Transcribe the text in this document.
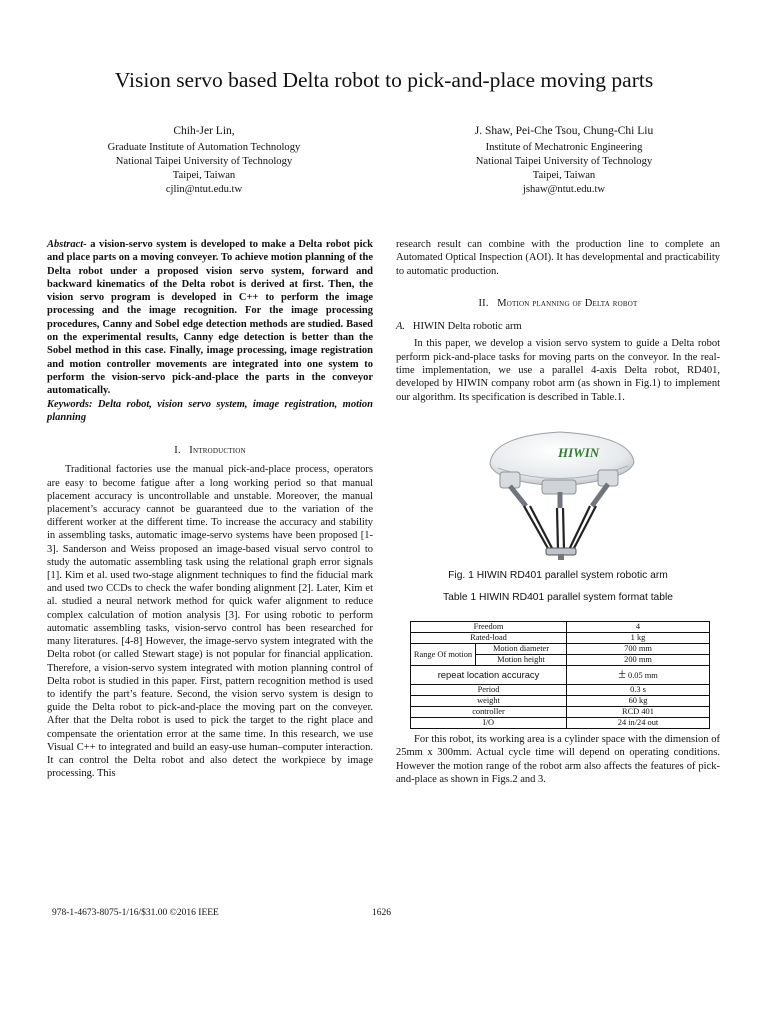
Vision servo based Delta robot to pick-and-place moving parts
Chih-Jer Lin,
Graduate Institute of Automation Technology
National Taipei University of Technology
Taipei, Taiwan
cjlin@ntut.edu.tw
J. Shaw, Pei-Che Tsou, Chung-Chi Liu
Institute of Mechatronic Engineering
National Taipei University of Technology
Taipei, Taiwan
jshaw@ntut.edu.tw
Abstract- a vision-servo system is developed to make a Delta robot pick and place parts on a moving conveyer. To achieve motion planning of the Delta robot under a proposed vision servo system, forward and backward kinematics of the Delta robot is derived at first. Then, the vision servo program is developed in C++ to perform the image processing and the image recognition. For the image processing procedures, Canny and Sobel edge detection methods are studied. Based on the experimental results, Canny edge detection is better than the Sobel method in this case. Finally, image processing, image registration and motion controller movements are integrated into one system to perform the vision-servo pick-and-place the parts in the conveyor automatically.
Keywords: Delta robot, vision servo system, image registration, motion planning
I. Introduction

Traditional factories use the manual pick-and-place process, operators are easy to become fatigue after a long working period so that manual placement accuracy is uncontrollable and unstable. Moreover, the manual placement’s accuracy cannot be guaranteed due to the variation of the different worker at the different time. To increase the accuracy and stability in assembling tasks, automatic image-servo systems have been proposed [1-3]. Sanderson and Weiss proposed an image-based visual servo control to study the automatic assembling task using the relational graph error signals [1]. Kim et al. used two-stage alignment techniques to find the fiducial mark and used two CCDs to check the wafer bonding alignment [2]. Later, Kim et al. studied a neural network method for quick wafer alignment to reduce complex calculation of motion analysis [3]. For using robotic to perform automatic assembling tasks, vision-servo control has been researched for many literatures. [4-8] However, the image-servo system integrated with the Delta robot (or called Stewart stage) is not popular for financial application. Therefore, a vision-servo system integrated with motion planning control of Delta robot is studied in this paper. First, pattern recognition method is used to identify the part’s feature. Second, the vision servo system is design to guide the Delta robot to pick-and-place the moving part on the conveyer. After that the Delta robot is used to pick the target to the right place and compensate the orientation error at the same time. In this research, we use Visual C++ to integrated and build an easy-use human–computer interaction. It can control the Delta robot and also detect the workpiece by image processing. This

research result can combine with the production line to complete an Automated Optical Inspection (AOI). It has developmental and practicability to automatic production.

II. Motion planning of Delta robot
A. HIWIN Delta robotic arm

In this paper, we develop a vision servo system to guide a Delta robot perform pick-and-place tasks for moving parts on the conveyor. In the real-time implementation, we use a parallel 4-axis Delta robot, RD401, developed by HIWIN company robot arm (as shown in Fig.1) to implement our algorithm. Its specification is described in Table.1.

HIWIN
Fig. 1 HIWIN RD401 parallel system robotic arm
Table 1 HIWIN RD401 parallel system format table
Freedom		4
Rated-load		1 kg
Range Of motion	Motion diameter	700 mm
	Motion height	200 mm
repeat location accuracy		± 0.05 mm
Period		0.3 s
weight		60 kg
controller		RCD 401
I/O		24 in/24 out

For this robot, its working area is a cylinder space with the dimension of 25mm x 300mm. Actual cycle time will depend on operating conditions. However the motion range of the robot arm also affects the features of pick-and-place as shown in Figs.2 and 3.

978-1-4673-8075-1/16/$31.00 ©2016 IEEE	1626
